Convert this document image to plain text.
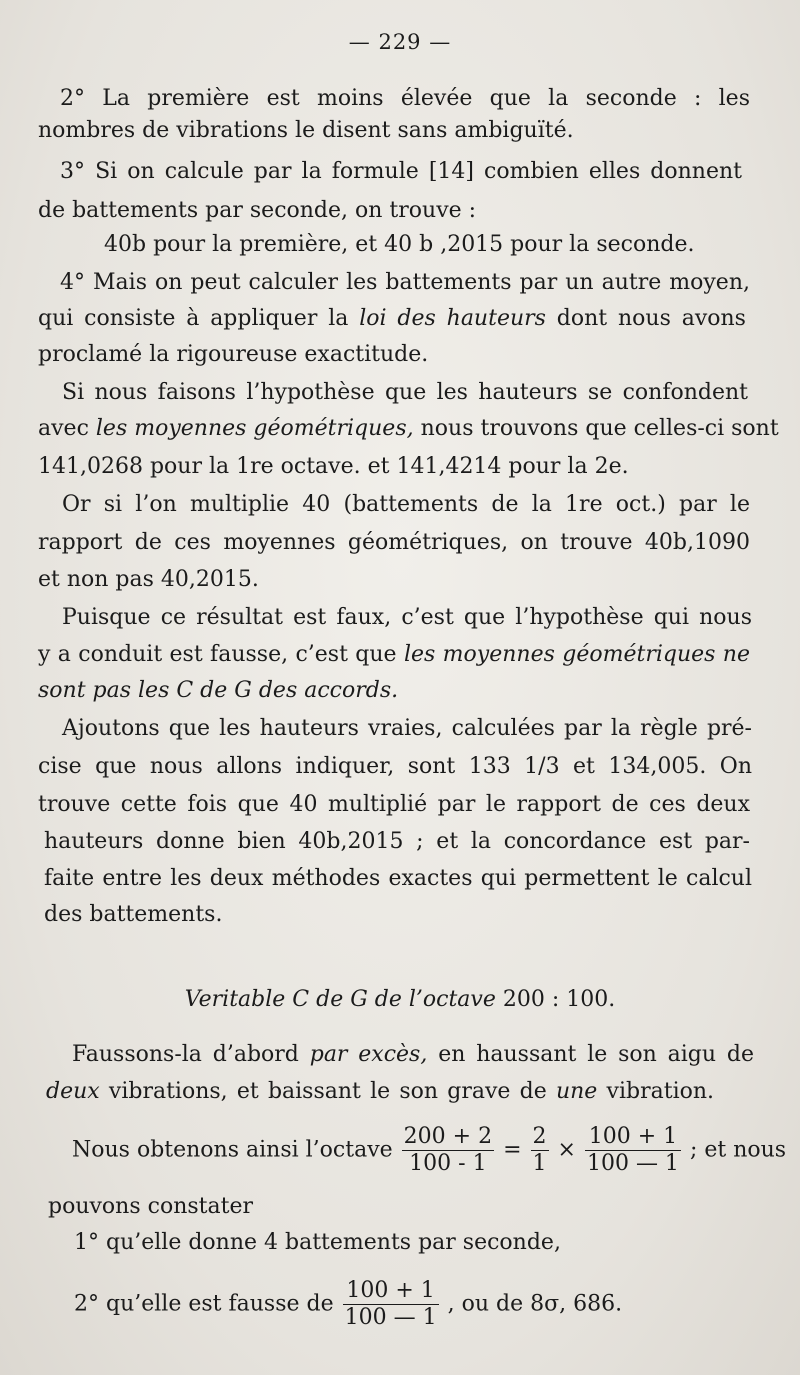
— 229 —
2° La première est moins élevée que la seconde : les
nombres de vibrations le disent sans ambiguïté.
3° Si on calcule par la formule [14] combien elles donnent
de battements par seconde, on trouve :
40b pour la première, et 40 b ,2015 pour la seconde.
4° Mais on peut calculer les battements par un autre moyen,
qui consiste à appliquer la loi des hauteurs dont nous avons
proclamé la rigoureuse exactitude.
Si nous faisons l’hypothèse que les hauteurs se confondent
avec les moyennes géométriques, nous trouvons que celles-ci sont
141,0268 pour la 1re octave. et 141,4214 pour la 2e.
Or si l’on multiplie 40 (battements de la 1re oct.) par le
rapport de ces moyennes géométriques, on trouve 40b,1090
et non pas 40,2015.
Puisque ce résultat est faux, c’est que l’hypothèse qui nous
y a conduit est fausse, c’est que les moyennes géométriques ne
sont pas les C de G des accords.
Ajoutons que les hauteurs vraies, calculées par la règle pré-
cise que nous allons indiquer, sont 133 1/3 et 134,005. On
trouve cette fois que 40 multiplié par le rapport de ces deux
hauteurs donne bien 40b,2015 ; et la concordance est par-
faite entre les deux méthodes exactes qui permettent le calcul
des battements.
Veritable C de G de l’octave 200 : 100.
Faussons-la d’abord par excès, en haussant le son aigu de
deux vibrations, et baissant le son grave de une vibration.
Nous obtenons ainsi l’octave $\frac{200 + 2}{100 - 1} = \frac{2}{1} \times \frac{100 + 1}{100 — 1}$ ; et nous
pouvons constater
1° qu’elle donne 4 battements par seconde,
2° qu’elle est fausse de $\frac{100 + 1}{100 — 1}$ , ou de 8σ, 686.
